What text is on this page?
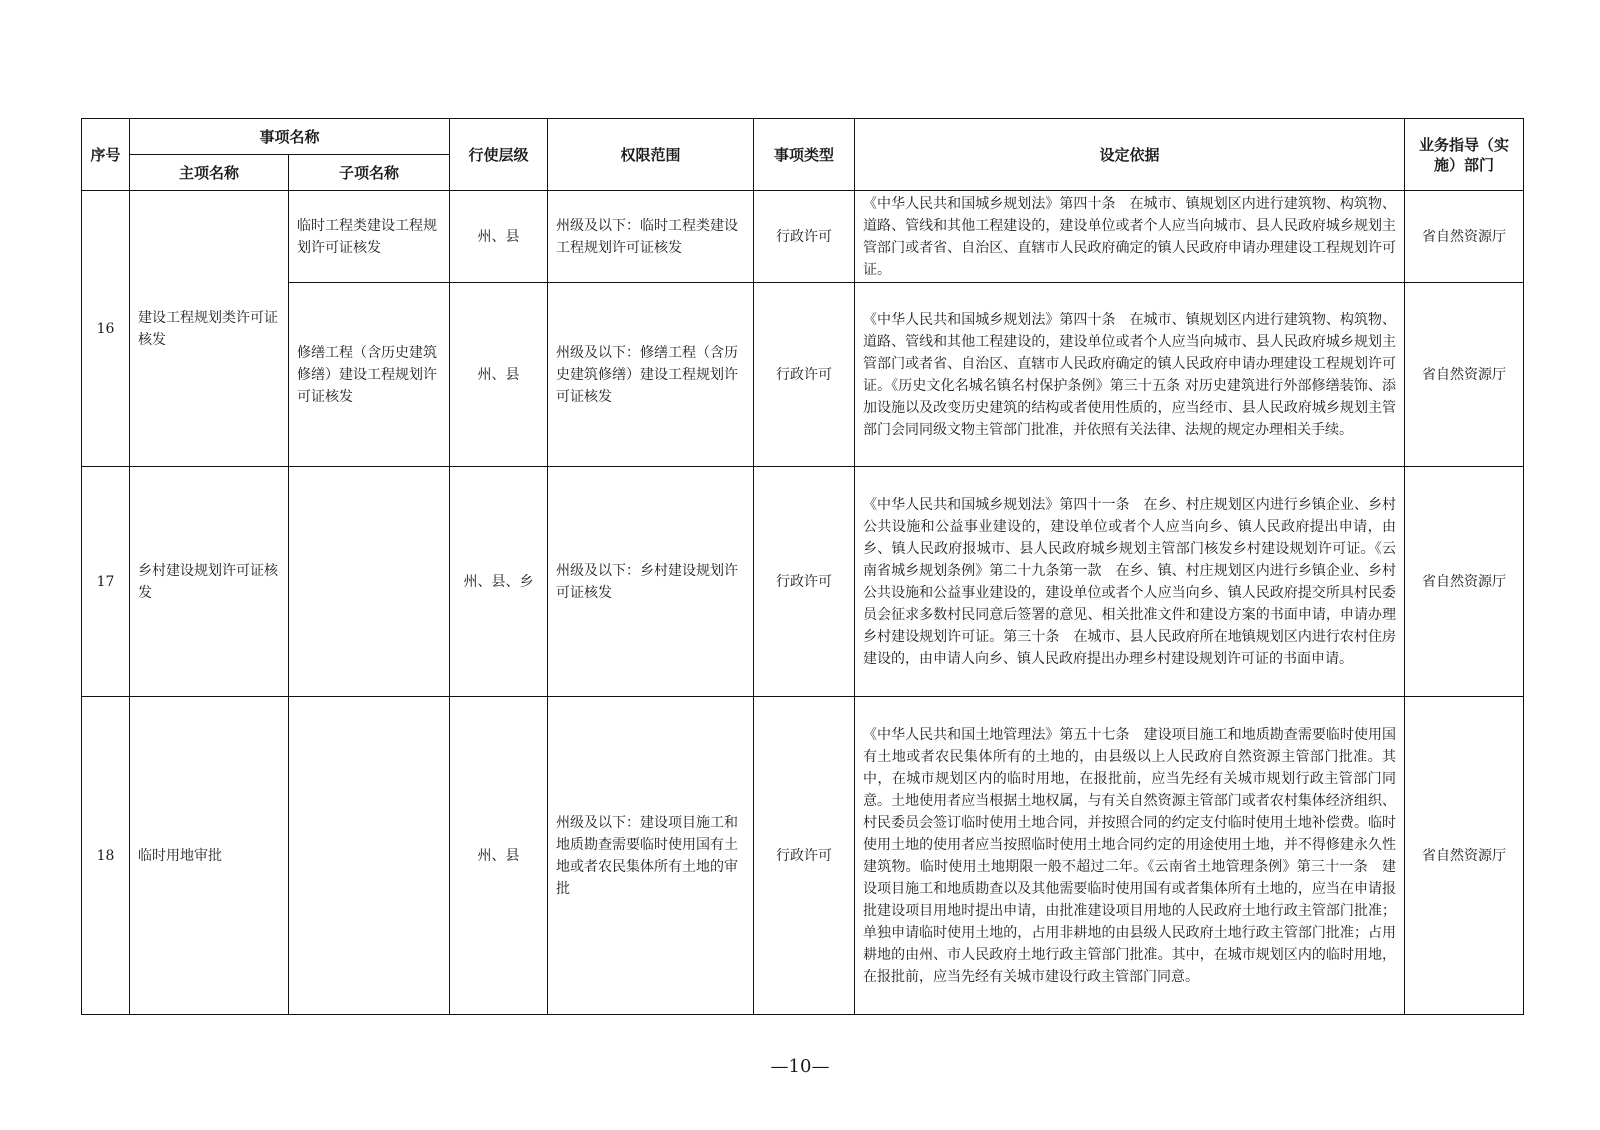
序号	事项名称		行使层级	权限范围	事项类型	设定依据	业务指导（实施）部门
	主项名称	子项名称					
16	建设工程规划类许可证核发	临时工程类建设工程规划许可证核发	州、县	州级及以下：临时工程类建设工程规划许可证核发	行政许可	《中华人民共和国城乡规划法》第四十条　在城市、镇规划区内进行建筑物、构筑物、道路、管线和其他工程建设的，建设单位或者个人应当向城市、县人民政府城乡规划主管部门或者省、自治区、直辖市人民政府确定的镇人民政府申请办理建设工程规划许可证。	省自然资源厅
		修缮工程（含历史建筑修缮）建设工程规划许可证核发	州、县	州级及以下：修缮工程（含历史建筑修缮）建设工程规划许可证核发	行政许可	《中华人民共和国城乡规划法》第四十条　在城市、镇规划区内进行建筑物、构筑物、道路、管线和其他工程建设的，建设单位或者个人应当向城市、县人民政府城乡规划主管部门或者省、自治区、直辖市人民政府确定的镇人民政府申请办理建设工程规划许可证。《历史文化名城名镇名村保护条例》第三十五条 对历史建筑进行外部修缮装饰、添加设施以及改变历史建筑的结构或者使用性质的，应当经市、县人民政府城乡规划主管部门会同同级文物主管部门批准，并依照有关法律、法规的规定办理相关手续。	省自然资源厅
17	乡村建设规划许可证核发		州、县、乡	州级及以下：乡村建设规划许可证核发	行政许可	《中华人民共和国城乡规划法》第四十一条　在乡、村庄规划区内进行乡镇企业、乡村公共设施和公益事业建设的，建设单位或者个人应当向乡、镇人民政府提出申请，由乡、镇人民政府报城市、县人民政府城乡规划主管部门核发乡村建设规划许可证。《云南省城乡规划条例》第二十九条第一款　在乡、镇、村庄规划区内进行乡镇企业、乡村公共设施和公益事业建设的，建设单位或者个人应当向乡、镇人民政府提交所具村民委员会征求多数村民同意后签署的意见、相关批准文件和建设方案的书面申请，申请办理乡村建设规划许可证。第三十条　在城市、县人民政府所在地镇规划区内进行农村住房建设的，由申请人向乡、镇人民政府提出办理乡村建设规划许可证的书面申请。	省自然资源厅
18	临时用地审批		州、县	州级及以下：建设项目施工和地质勘查需要临时使用国有土地或者农民集体所有土地的审批	行政许可	《中华人民共和国土地管理法》第五十七条　建设项目施工和地质勘查需要临时使用国有土地或者农民集体所有的土地的，由县级以上人民政府自然资源主管部门批准。其中，在城市规划区内的临时用地，在报批前，应当先经有关城市规划行政主管部门同意。土地使用者应当根据土地权属，与有关自然资源主管部门或者农村集体经济组织、村民委员会签订临时使用土地合同，并按照合同的约定支付临时使用土地补偿费。临时使用土地的使用者应当按照临时使用土地合同约定的用途使用土地，并不得修建永久性建筑物。临时使用土地期限一般不超过二年。《云南省土地管理条例》第三十一条　建设项目施工和地质勘查以及其他需要临时使用国有或者集体所有土地的，应当在申请报批建设项目用地时提出申请，由批准建设项目用地的人民政府土地行政主管部门批准；单独申请临时使用土地的，占用非耕地的由县级人民政府土地行政主管部门批准；占用耕地的由州、市人民政府土地行政主管部门批准。其中，在城市规划区内的临时用地，在报批前，应当先经有关城市建设行政主管部门同意。	省自然资源厅
—10—
